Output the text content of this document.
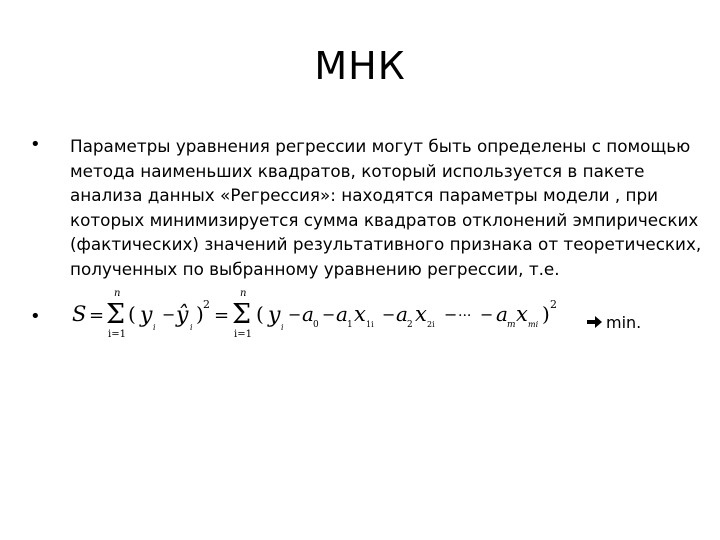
МНК
• Параметры уравнения регрессии могут быть определены с помощью
метода наименьших квадратов, который используется в пакете
анализа данных «Регрессия»: находятся параметры модели , при
которых минимизируется сумма квадратов отклонений эмпирических
(фактических) значений результативного признака от теоретических,
полученных по выбранному уравнению регрессии, т.е.
• S =
n
Σ
i=1
( y i
− ŷ i
) 2
=
n
Σ
i=1
( y i
− a 0
− a 1 x 1i
− a 2 x 2i
− ... − a m x mi ) 2
min.
